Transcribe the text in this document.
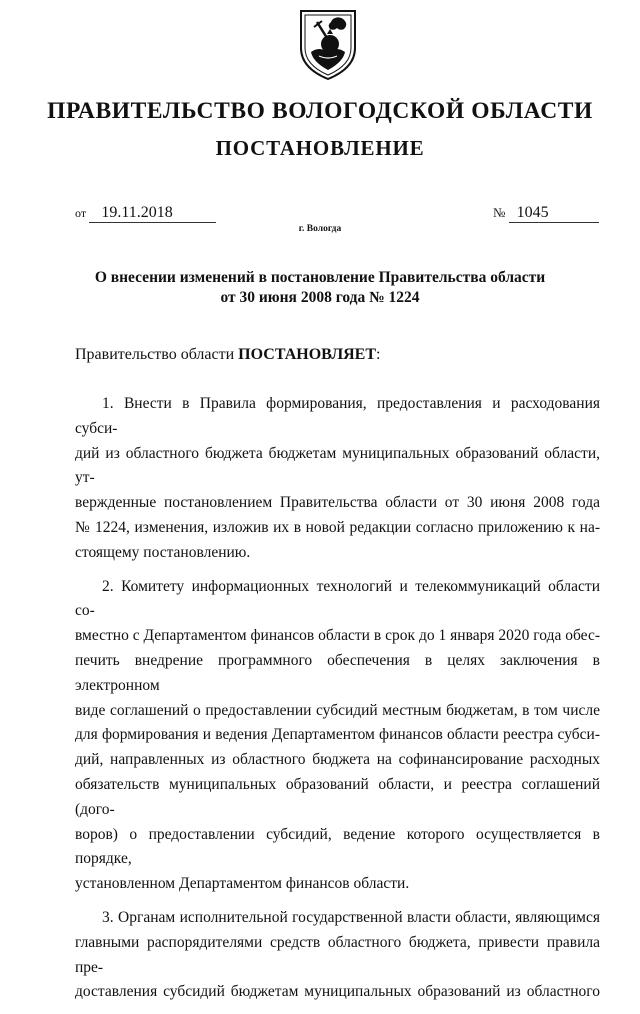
ПРАВИТЕЛЬСТВО ВОЛОГОДСКОЙ ОБЛАСТИ
ПОСТАНОВЛЕНИЕ
от 19.11.2018	№ 1045
г. Вологда
О внесении изменений в постановление Правительства области
от 30 июня 2008 года № 1224
Правительство области ПОСТАНОВЛЯЕТ:

1. Внести в Правила формирования, предоставления и расходования субси-
дий из областного бюджета бюджетам муниципальных образований области, ут-
вержденные постановлением Правительства области от 30 июня 2008 года
№ 1224, изменения, изложив их в новой редакции согласно приложению к на-
стоящему постановлению.

2. Комитету информационных технологий и телекоммуникаций области со-
вместно с Департаментом финансов области в срок до 1 января 2020 года обес-
печить внедрение программного обеспечения в целях заключения в электронном
виде соглашений о предоставлении субсидий местным бюджетам, в том числе
для формирования и ведения Департаментом финансов области реестра субси-
дий, направленных из областного бюджета на софинансирование расходных
обязательств муниципальных образований области, и реестра соглашений (дого-
воров) о предоставлении субсидий, ведение которого осуществляется в порядке,
установленном Департаментом финансов области.

3. Органам исполнительной государственной власти области, являющимся
главными распорядителями средств областного бюджета, привести правила пре-
доставления субсидий бюджетам муниципальных образований из областного
